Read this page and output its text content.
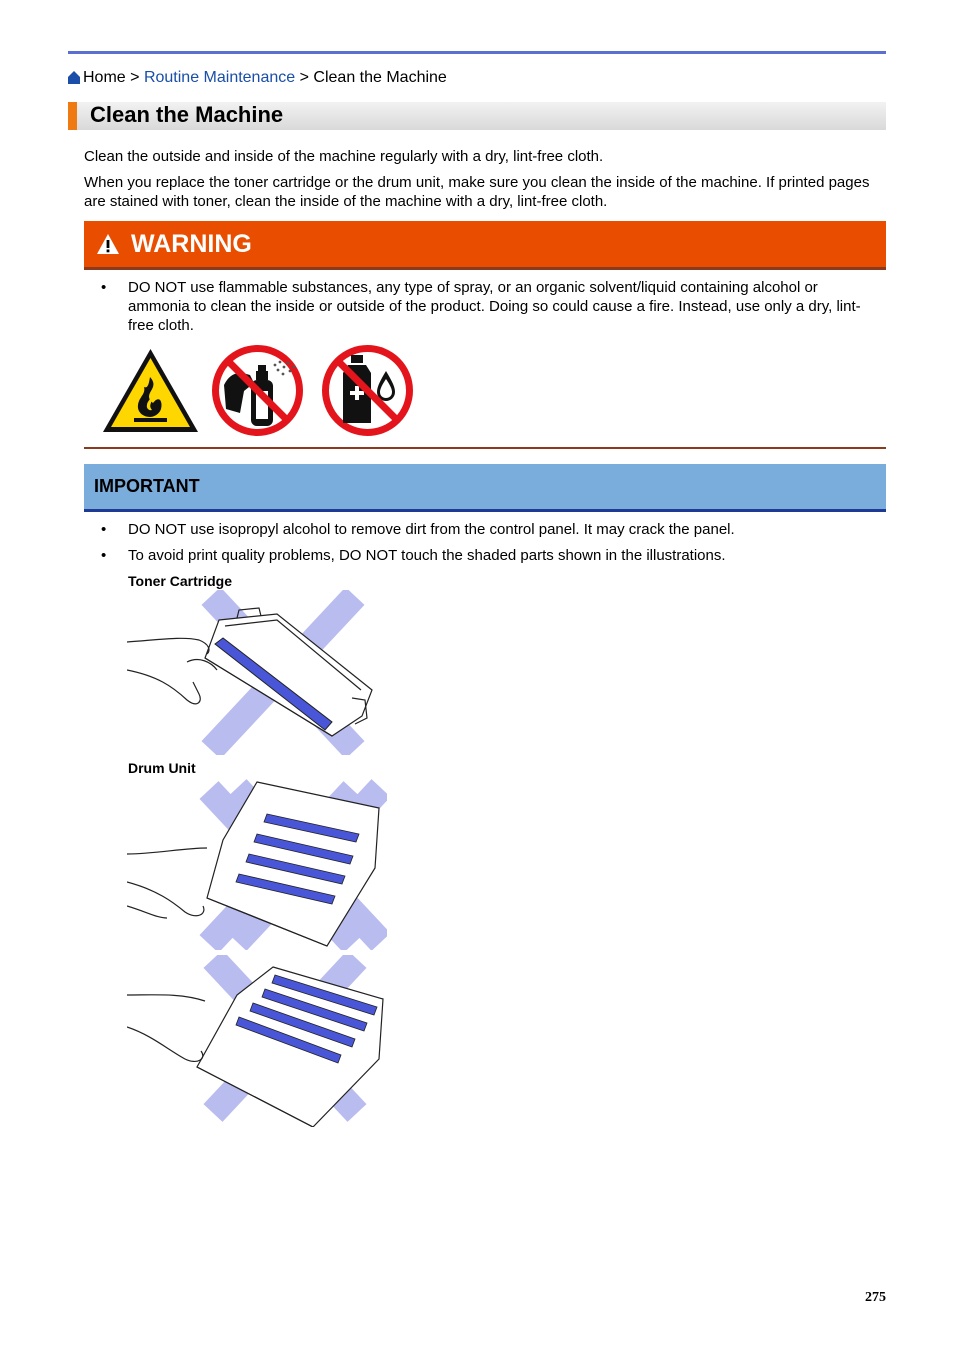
Home > Routine Maintenance > Clean the Machine
Clean the Machine

Clean the outside and inside of the machine regularly with a dry, lint-free cloth.

When you replace the toner cartridge or the drum unit, make sure you clean the inside of the machine. If printed pages are stained with toner, clean the inside of the machine with a dry, lint-free cloth.

WARNING
• DO NOT use flammable substances, any type of spray, or an organic solvent/liquid containing alcohol or ammonia to clean the inside or outside of the product. Doing so could cause a fire. Instead, use only a dry, lint-free cloth.

IMPORTANT
• DO NOT use isopropyl alcohol to remove dirt from the control panel. It may crack the panel.

• To avoid print quality problems, DO NOT touch the shaded parts shown in the illustrations.

Toner Cartridge
Drum Unit
275
